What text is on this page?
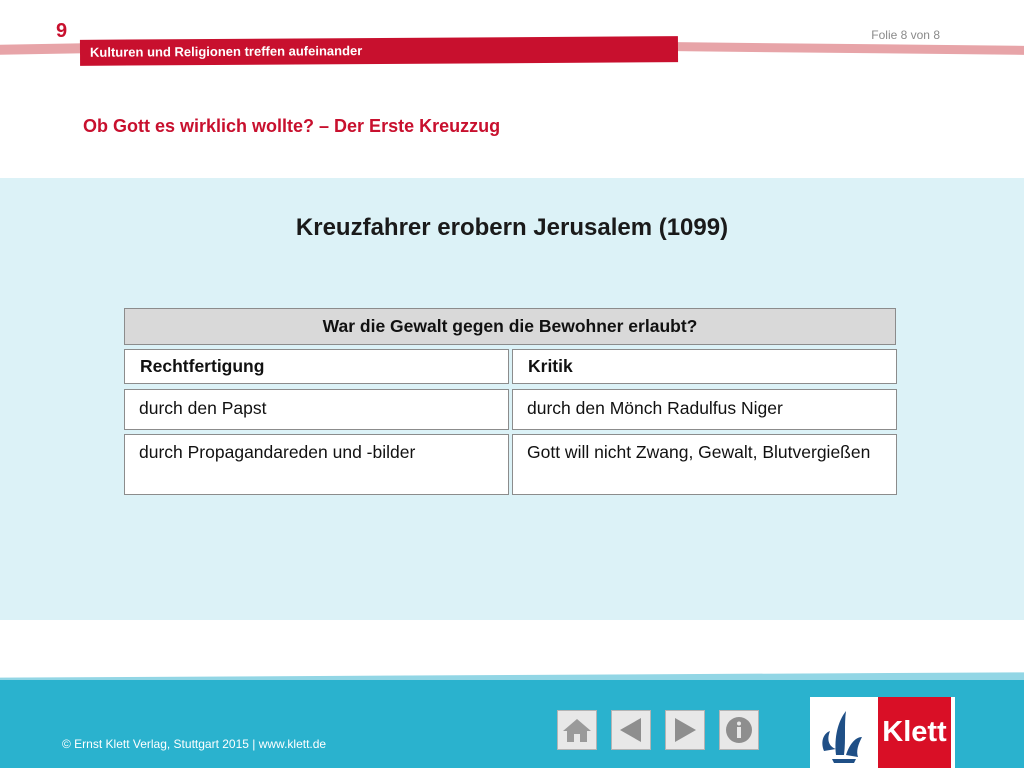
9	Folie 8 von 8
Kulturen und Religionen treffen aufeinander
Ob Gott es wirklich wollte? – Der Erste Kreuzzug
Kreuzfahrer erobern Jerusalem (1099)
War die Gewalt gegen die Bewohner erlaubt?
Rechtfertigung	Kritik
durch den Papst	durch den Mönch Radulfus Niger
durch Propagandareden und -bilder	Gott will nicht Zwang, Gewalt, Blutvergießen
© Ernst Klett Verlag, Stuttgart 2015 | www.klett.de	Klett
